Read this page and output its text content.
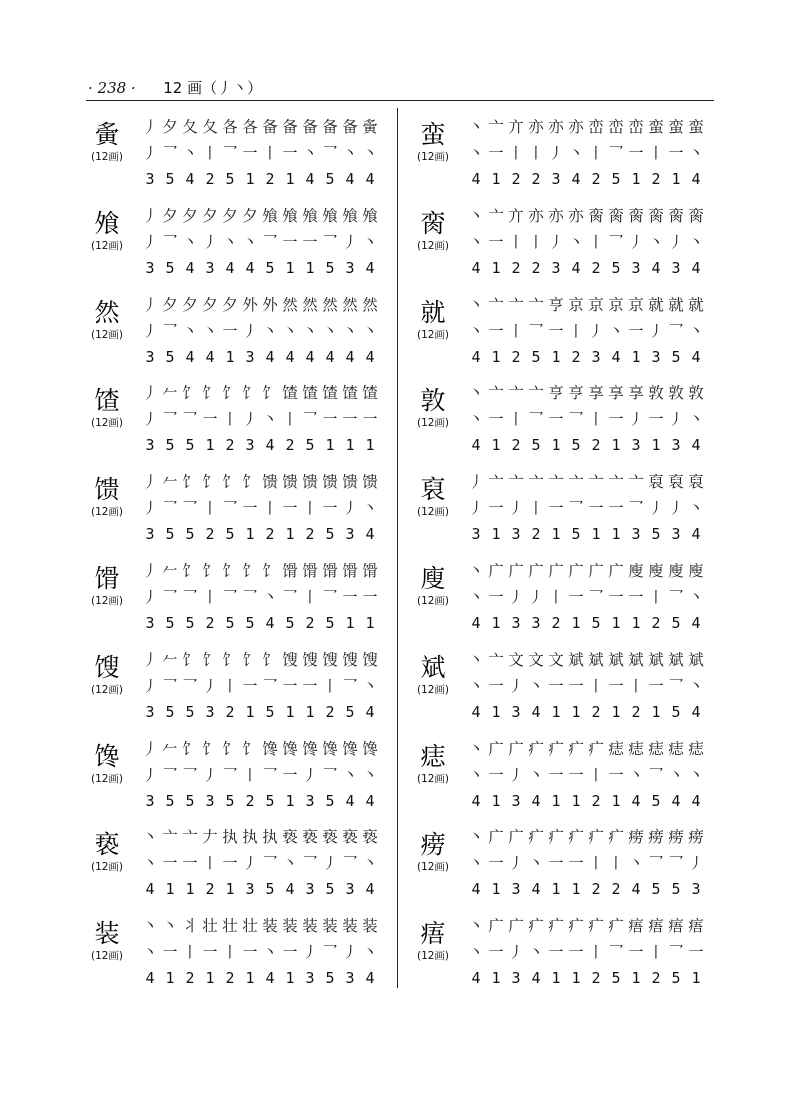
· 238 · 12 画（丿丶）
夤
(12画)
丿 夕 夂 夂 各 各 备 备 备 备 备 夤
丿 乛 丶 丨 乛 一 丨 一 丶 乛 丶 丶
3 5 4 2 5 1 2 1 4 5 4 4
飧
(12画)
丿 夕 夕 夕 夕 夕 飧 飧 飧 飧 飧 飧
丿 乛 丶 丿 丶 丶 乛 一 一 乛 丿 丶
3 5 4 3 4 4 5 1 1 5 3 4
然
(12画)
丿 夕 夕 夕 夕 外 外 然 然 然 然 然
丿 乛 丶 丶 一 丿 丶 丶 丶 丶 丶 丶
3 5 4 4 1 3 4 4 4 4 4 4
馇
(12画)
丿 𠂉 饣 饣 饣 饣 饣 馇 馇 馇 馇 馇
丿 乛 乛 一 丨 丿 丶 丨 乛 一 一 一
3 5 5 1 2 3 4 2 5 1 1 1
馈
(12画)
丿 𠂉 饣 饣 饣 饣 馈 馈 馈 馈 馈 馈
丿 乛 乛 丨 乛 一 丨 一 丨 一 丿 丶
3 5 5 2 5 1 2 1 2 5 3 4
馉
(12画)
丿 𠂉 饣 饣 饣 饣 饣 馉 馉 馉 馉 馉
丿 乛 乛 丨 乛 乛 丶 乛 丨 乛 一 一
3 5 5 2 5 5 4 5 2 5 1 1
馊
(12画)
丿 𠂉 饣 饣 饣 饣 饣 馊 馊 馊 馊 馊
丿 乛 乛 丿 丨 一 乛 一 一 丨 乛 丶
3 5 5 3 2 1 5 1 1 2 5 4
馋
(12画)
丿 𠂉 饣 饣 饣 饣 馋 馋 馋 馋 馋 馋
丿 乛 乛 丿 乛 丨 乛 一 丿 乛 丶 丶
3 5 5 3 5 2 5 1 3 5 4 4
亵
(12画)
丶 亠 亠 𠂇 执 执 执 亵 亵 亵 亵 亵
丶 一 一 丨 一 丿 乛 丶 乛 丿 乛 丶
4 1 1 2 1 3 5 4 3 5 3 4
装
(12画)
丶 丶 丬 壮 壮 壮 装 装 装 装 装 装
丶 一 丨 一 丨 一 丶 一 丿 乛 丿 丶
4 1 2 1 2 1 4 1 3 5 3 4
蛮
(12画)
丶 亠 亣 亦 亦 亦 峦 峦 峦 蛮 蛮 蛮
丶 一 丨 丨 丿 丶 丨 乛 一 丨 一 丶
4 1 2 2 3 4 2 5 1 2 1 4
脔
(12画)
丶 亠 亣 亦 亦 亦 脔 脔 脔 脔 脔 脔
丶 一 丨 丨 丿 丶 丨 乛 丿 丶 丿 丶
4 1 2 2 3 4 2 5 3 4 3 4
就
(12画)
丶 亠 亠 亠 亨 京 京 京 京 就 就 就
丶 一 丨 乛 一 丨 丿 丶 一 丿 乛 丶
4 1 2 5 1 2 3 4 1 3 5 4
敦
(12画)
丶 亠 亠 亠 亨 亨 享 享 享 敦 敦 敦
丶 一 丨 乛 一 乛 丨 一 丿 一 丿 丶
4 1 2 5 1 5 2 1 3 1 3 4
裒
(12画)
丿 亠 亠 亠 亠 亠 亠 亠 亠 裒 裒 裒
丿 一 丿 丨 一 乛 一 一 乛 丿 丿 丶
3 1 3 2 1 5 1 1 3 5 3 4
廋
(12画)
丶 广 广 广 广 广 广 广 廋 廋 廋 廋
丶 一 丿 丿 丨 一 乛 一 一 丨 乛 丶
4 1 3 3 2 1 5 1 1 2 5 4
斌
(12画)
丶 亠 文 文 文 斌 斌 斌 斌 斌 斌 斌
丶 一 丿 丶 一 一 丨 一 丨 一 乛 丶
4 1 3 4 1 1 2 1 2 1 5 4
痣
(12画)
丶 广 广 疒 疒 疒 疒 痣 痣 痣 痣 痣
丶 一 丿 丶 一 一 丨 一 丶 乛 丶 丶
4 1 3 4 1 1 2 1 4 5 4 4
痨
(12画)
丶 广 广 疒 疒 疒 疒 疒 痨 痨 痨 痨
丶 一 丿 丶 一 一 丨 丨 丶 乛 乛 丿
4 1 3 4 1 1 2 2 4 5 5 3
痦
(12画)
丶 广 广 疒 疒 疒 疒 疒 痦 痦 痦 痦
丶 一 丿 丶 一 一 丨 乛 一 丨 乛 一
4 1 3 4 1 1 2 5 1 2 5 1
